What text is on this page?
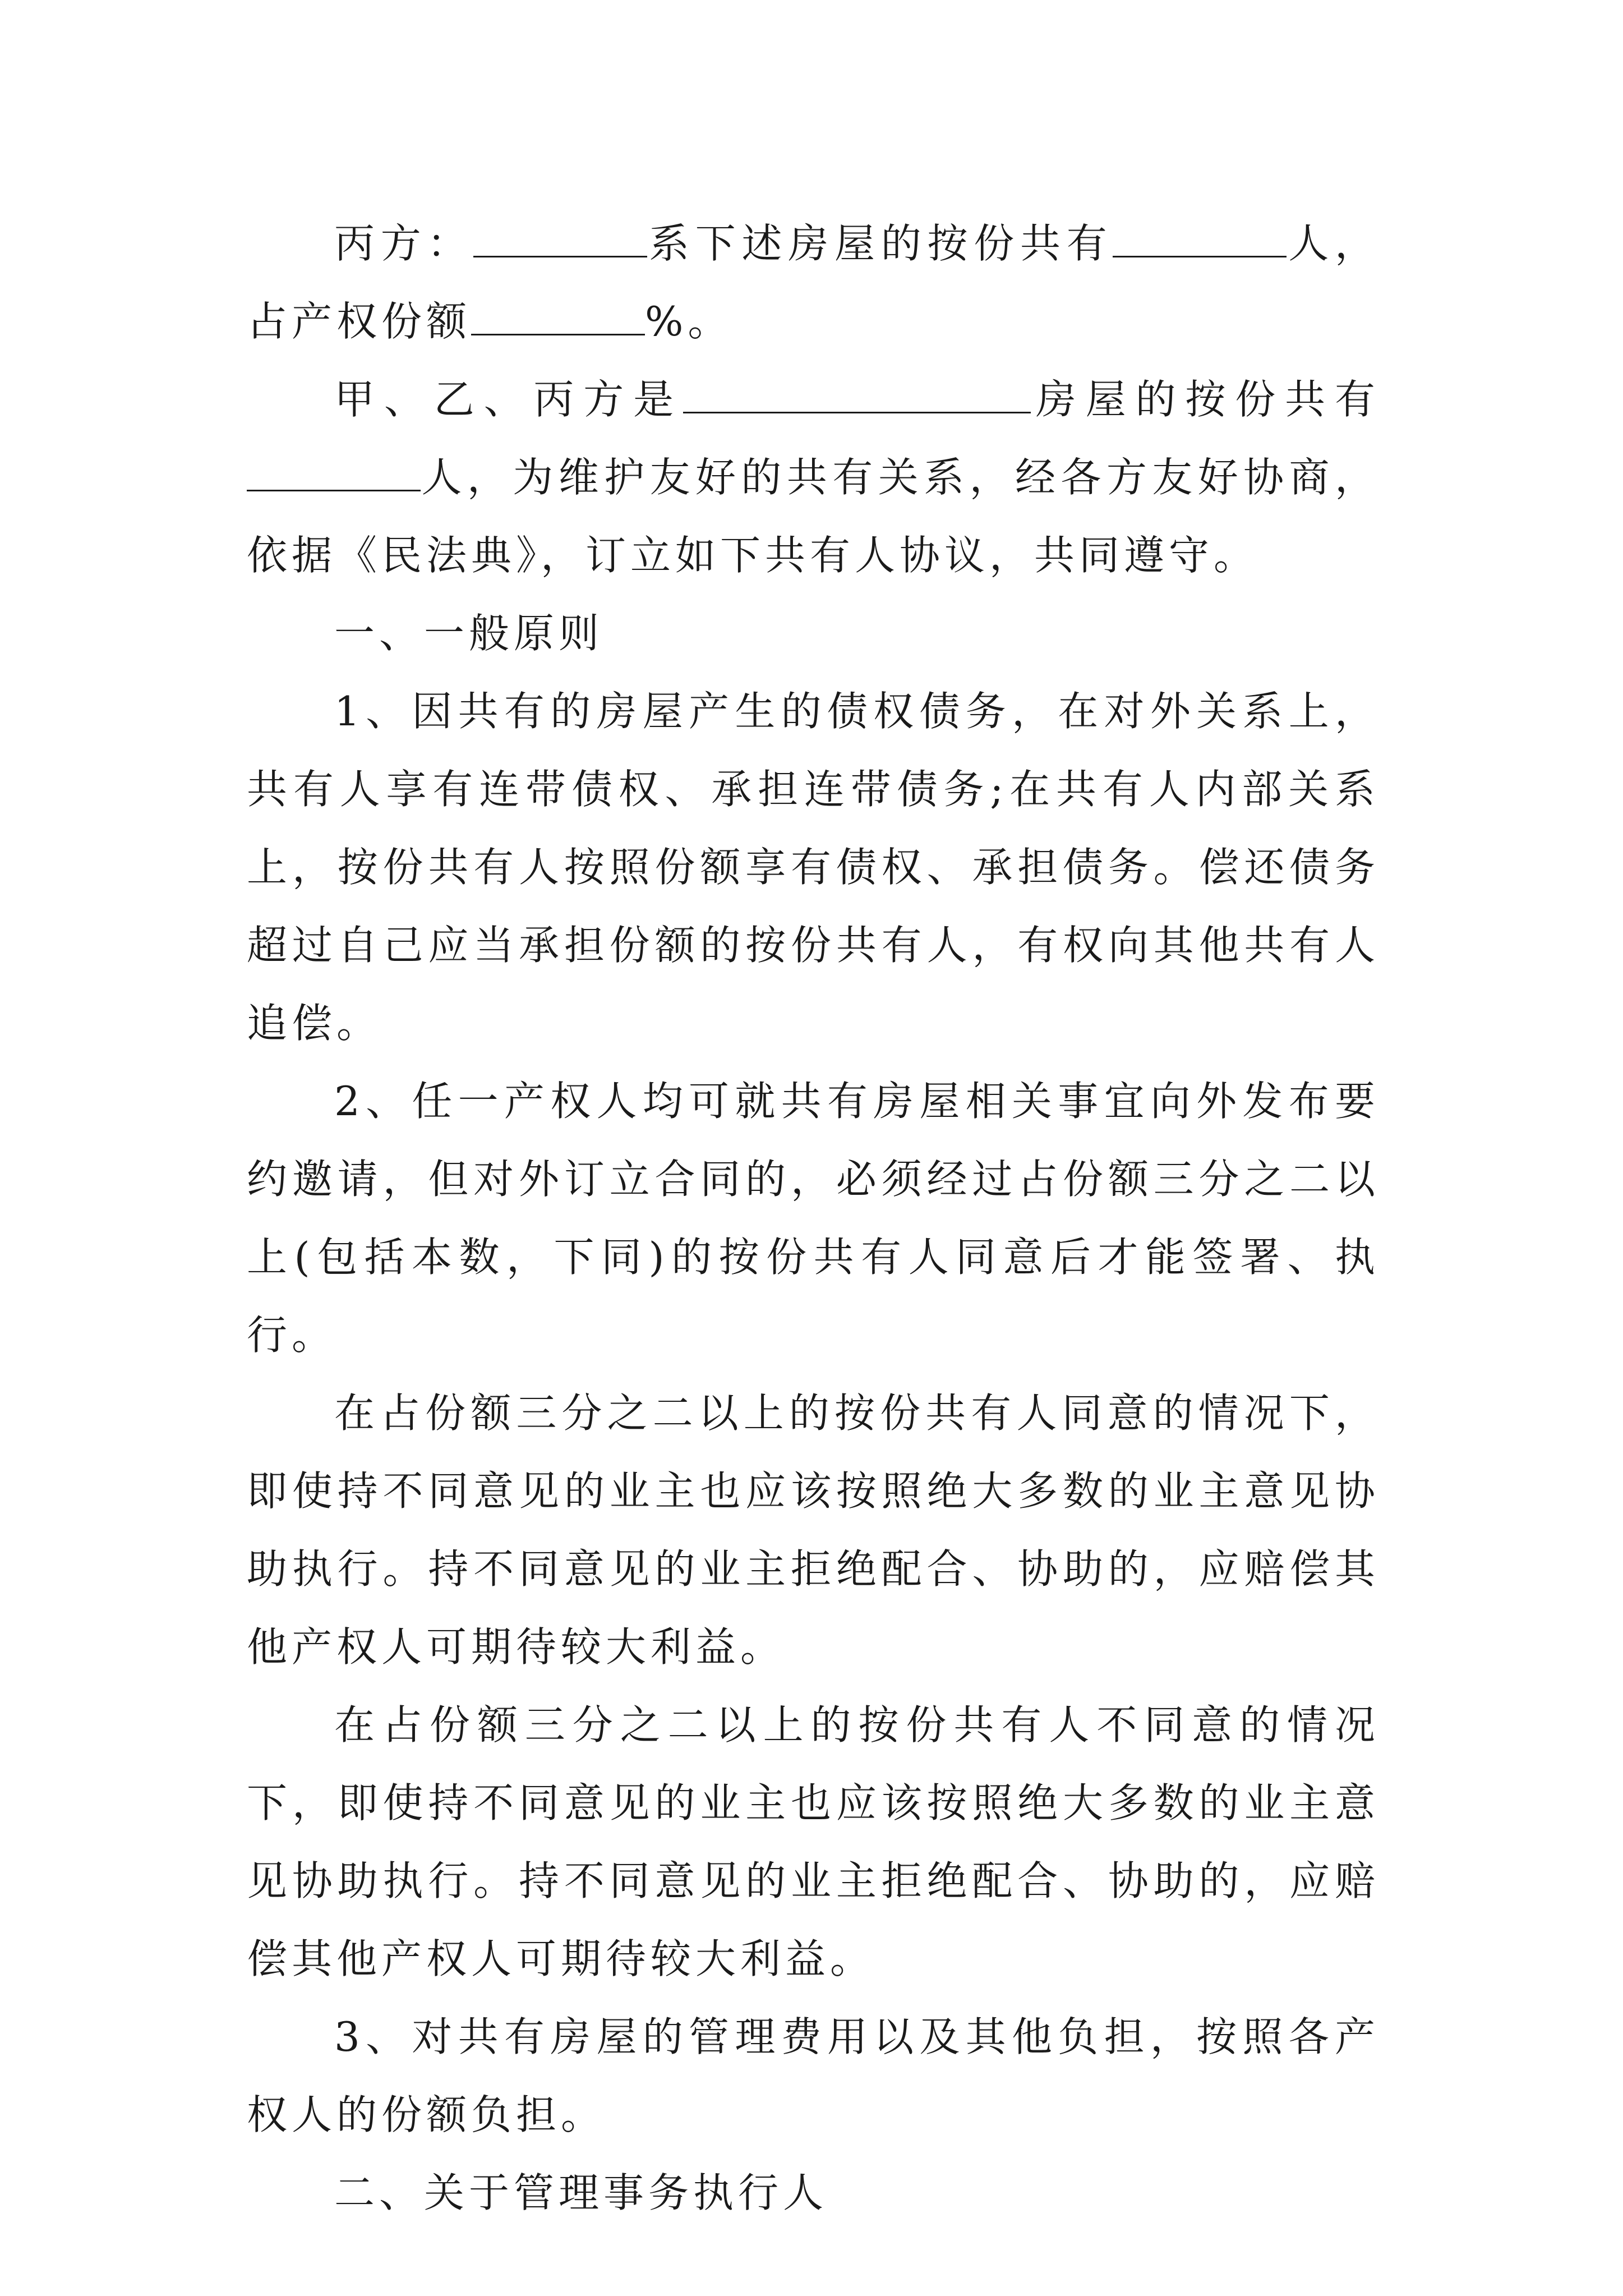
丙方：	系下述房屋的按份共有	人，占产权份额	%。

甲、乙、丙方是	房屋的按份共有人，为维护友好的共有关系，经各方友好协商，依据《民法典》，订立如下共有人协议，共同遵守。

一、一般原则

1、因共有的房屋产生的债权债务，在对外关系上，共有人享有连带债权、承担连带债务;在共有人内部关系上，按份共有人按照份额享有债权、承担债务。偿还债务超过自己应当承担份额的按份共有人，有权向其他共有人追偿。

2、任一产权人均可就共有房屋相关事宜向外发布要约邀请，但对外订立合同的，必须经过占份额三分之二以上(包括本数，下同)的按份共有人同意后才能签署、执行。

在占份额三分之二以上的按份共有人同意的情况下，即使持不同意见的业主也应该按照绝大多数的业主意见协助执行。持不同意见的业主拒绝配合、协助的，应赔偿其他产权人可期待较大利益。

在占份额三分之二以上的按份共有人不同意的情况下，即使持不同意见的业主也应该按照绝大多数的业主意见协助执行。持不同意见的业主拒绝配合、协助的，应赔偿其他产权人可期待较大利益。

3、对共有房屋的管理费用以及其他负担，按照各产权人的份额负担。

二、关于管理事务执行人
